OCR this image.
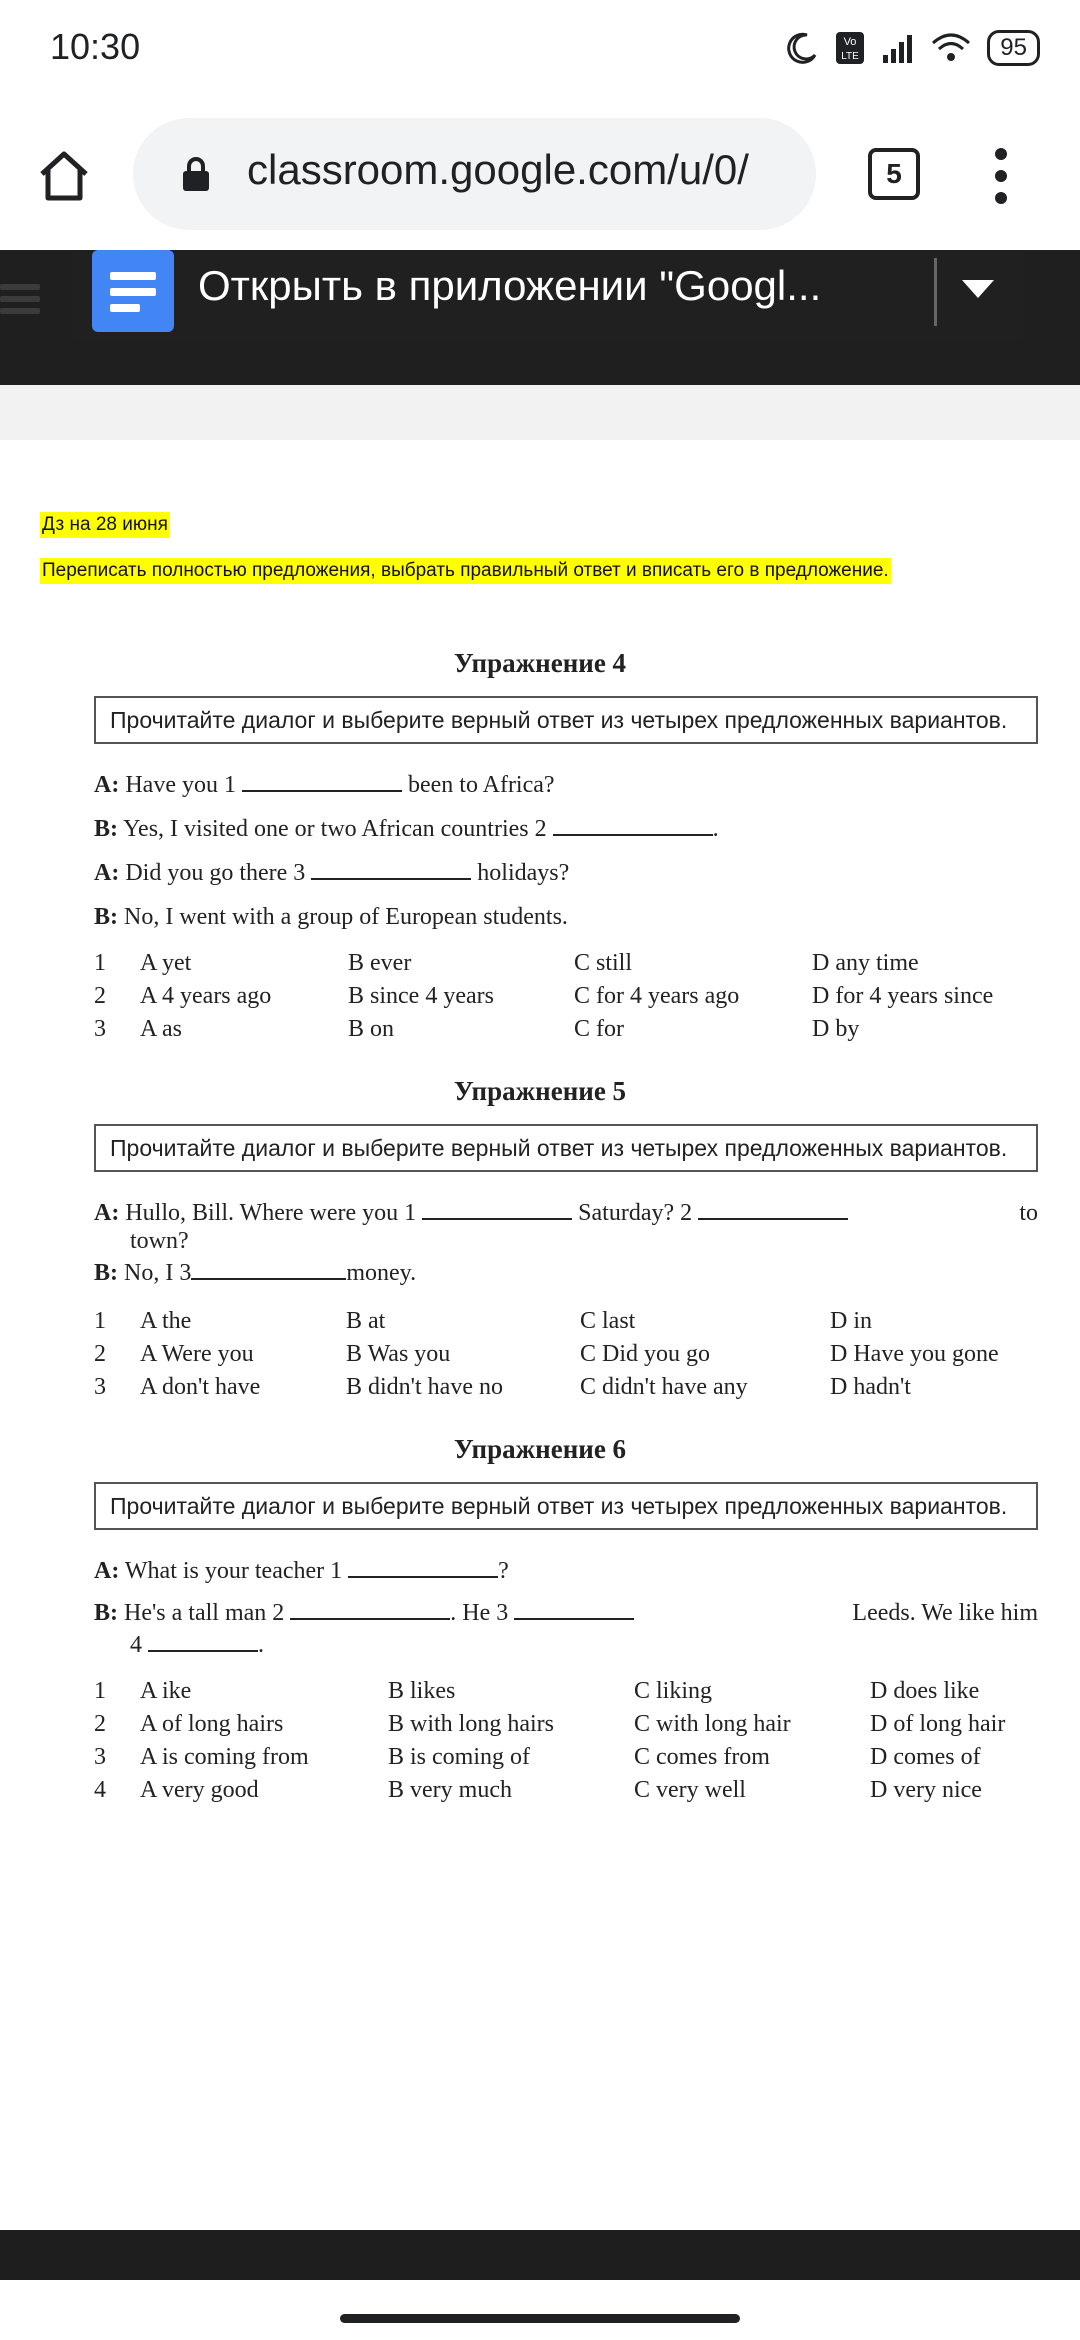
10:30	Vo
LTE	95
classroom.google.com/u/0/	5
Открыть в приложении "Googl...
Дз на 28 июня
Переписать полностью предложения, выбрать правильный ответ и вписать его в предложение.
Упражнение 4
Прочитайте диалог и выберите верный ответ из четырех предложенных вариантов.
A: Have you 1	been to Africa?
B: Yes, I visited one or two African countries 2	.
A: Did you go there 3	holidays?
B: No, I went with a group of European students.
1 A yet	B ever	C still	D any time
2 A 4 years ago	B since 4 years	C for 4 years ago	D for 4 years since
3 A as	B on	C for	D by
Упражнение 5
Прочитайте диалог и выберите верный ответ из четырех предложенных вариантов.
A: Hullo, Bill. Where were you 1	Saturday? 2	to
town?
B: No, I 3	money.
1 A the	B at	C last	D in
2 A Were you	B Was you	C Did you go	D Have you gone
3 A don't have	B didn't have no	C didn't have any	D hadn't
Упражнение 6
Прочитайте диалог и выберите верный ответ из четырех предложенных вариантов.
A: What is your teacher 1	?
B: He's a tall man 2	. He 3	Leeds. We like him
4	.
1 A ike	B likes	C liking	D does like
2 A of long hairs	B with long hairs	C with long hair	D of long hair
3 A is coming from	B is coming of	C comes from	D comes of
4 A very good	B very much	C very well	D very nice
